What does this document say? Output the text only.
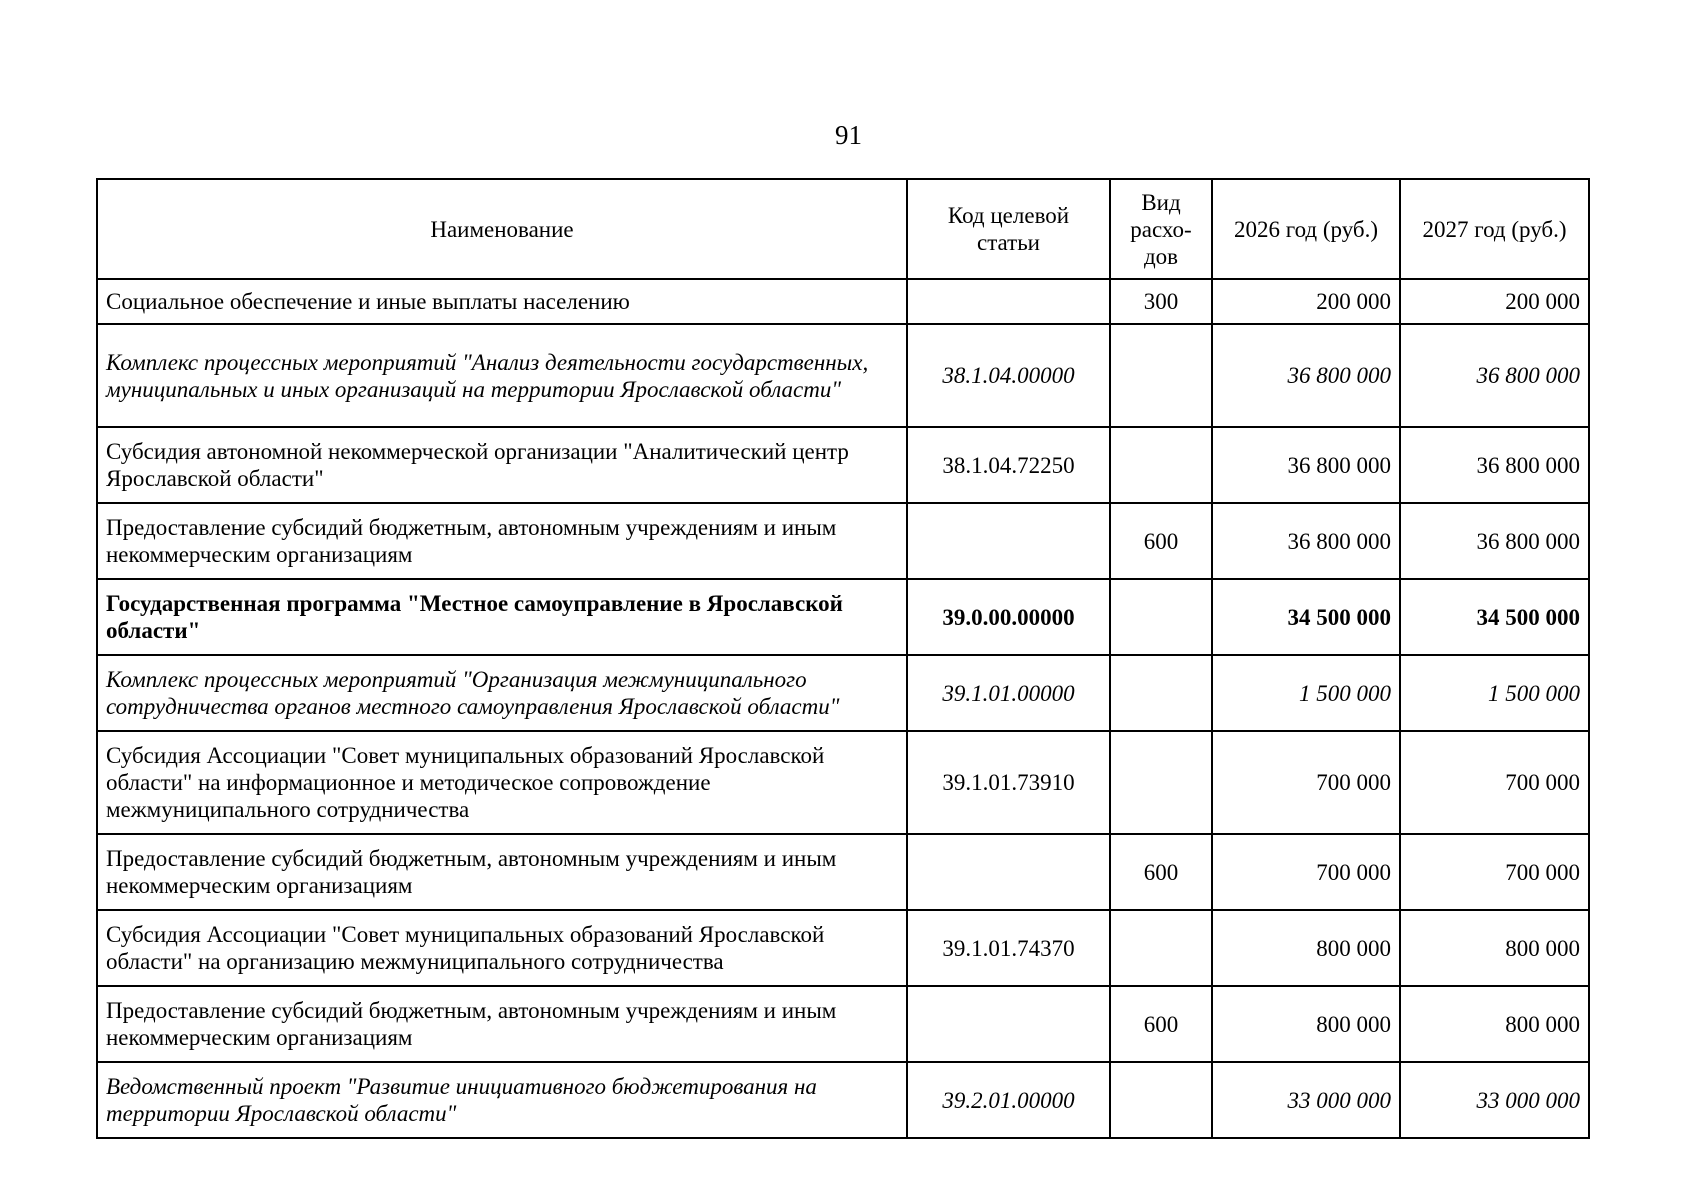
91
Наименование	Код целевой статьи	Вид расхо-дов	2026 год (руб.)	2027 год (руб.)
Социальное обеспечение и иные выплаты населению		300	200 000	200 000
Комплекс процессных мероприятий "Анализ деятельности государственных, муниципальных и иных организаций на территории Ярославской области"	38.1.04.00000		36 800 000	36 800 000
Субсидия автономной некоммерческой организации "Аналитический центр Ярославской области"	38.1.04.72250		36 800 000	36 800 000
Предоставление субсидий бюджетным, автономным учреждениям и иным некоммерческим организациям		600	36 800 000	36 800 000
Государственная программа "Местное самоуправление в Ярославской области"	39.0.00.00000		34 500 000	34 500 000
Комплекс процессных мероприятий "Организация межмуниципального сотрудничества органов местного самоуправления Ярославской области"	39.1.01.00000		1 500 000	1 500 000
Субсидия Ассоциации "Совет муниципальных образований Ярославской области" на информационное и методическое сопровождение межмуниципального сотрудничества	39.1.01.73910		700 000	700 000
Предоставление субсидий бюджетным, автономным учреждениям и иным некоммерческим организациям		600	700 000	700 000
Субсидия Ассоциации "Совет муниципальных образований Ярославской области" на организацию межмуниципального сотрудничества	39.1.01.74370		800 000	800 000
Предоставление субсидий бюджетным, автономным учреждениям и иным некоммерческим организациям		600	800 000	800 000
Ведомственный проект "Развитие инициативного бюджетирования на территории Ярославской области"	39.2.01.00000		33 000 000	33 000 000
